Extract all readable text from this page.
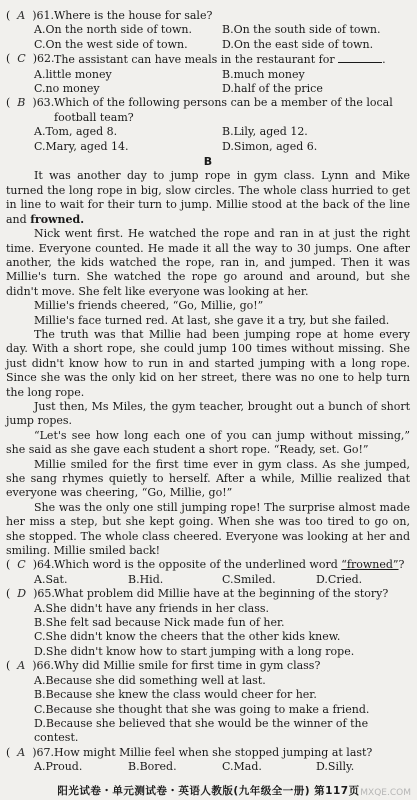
(  A  )61. Where is the house for sale?
A.On the north side of town.	B.On the south side of town.
C.On the west side of town.	D.On the east side of town.
(  C  )62. The assistant can have meals in the restaurant for	.
A.little money	B.much money
C.no money	D.half of the price
(  B  )63. Which of the following persons can be a member of the local football team?
A.Tom, aged 8.	B.Lily, aged 12.
C.Mary, aged 14.	D.Simon, aged 6.
B
It was another day to jump rope in gym class. Lynn and Mike turned the long rope in big, slow circles. The whole class hurried to get in line to wait for their turn to jump. Millie stood at the back of the line and frowned.
Nick went first. He watched the rope and ran in at just the right time. Everyone counted. He made it all the way to 30 jumps. One after another, the kids watched the rope, ran in, and jumped. Then it was Millie's turn. She watched the rope go around and around, but she didn't move. She felt like everyone was looking at her.
Millie's friends cheered, “Go, Millie, go!”
Millie's face turned red. At last, she gave it a try, but she failed.
The truth was that Millie had been jumping rope at home every day. With a short rope, she could jump 100 times without missing. She just didn't know how to run in and started jumping with a long rope. Since she was the only kid on her street, there was no one to help turn the long rope.
Just then, Ms Miles, the gym teacher, brought out a bunch of short jump ropes.
“Let's see how long each one of you can jump without missing,” she said as she gave each student a short rope. “Ready, set. Go!”
Millie smiled for the first time ever in gym class. As she jumped, she sang rhymes quietly to herself. After a while, Millie realized that everyone was cheering, “Go, Millie, go!”
She was the only one still jumping rope! The surprise almost made her miss a step, but she kept going. When she was too tired to go on, she stopped. The whole class cheered. Everyone was looking at her and smiling. Millie smiled back!
(  C  )64. Which word is the opposite of the underlined word “frowned”?
A.Sat.	B.Hid.	C.Smiled.	D.Cried.
(  D  )65. What problem did Millie have at the beginning of the story?
A.She didn't have any friends in her class.
B.She felt sad because Nick made fun of her.
C.She didn't know the cheers that the other kids knew.
D.She didn't know how to start jumping with a long rope.
(  A  )66. Why did Millie smile for first time in gym class?
A.Because she did something well at last.
B.Because she knew the class would cheer for her.
C.Because she thought that she was going to make a friend.
D.Because she believed that she would be the winner of the contest.
(  A  )67. How might Millie feel when she stopped jumping at last?
A.Proud.	B.Bored.	C.Mad.	D.Silly.
阳光试卷・单元测试卷・英语人教版(九年级全一册) 第117页 MXQE.COM
